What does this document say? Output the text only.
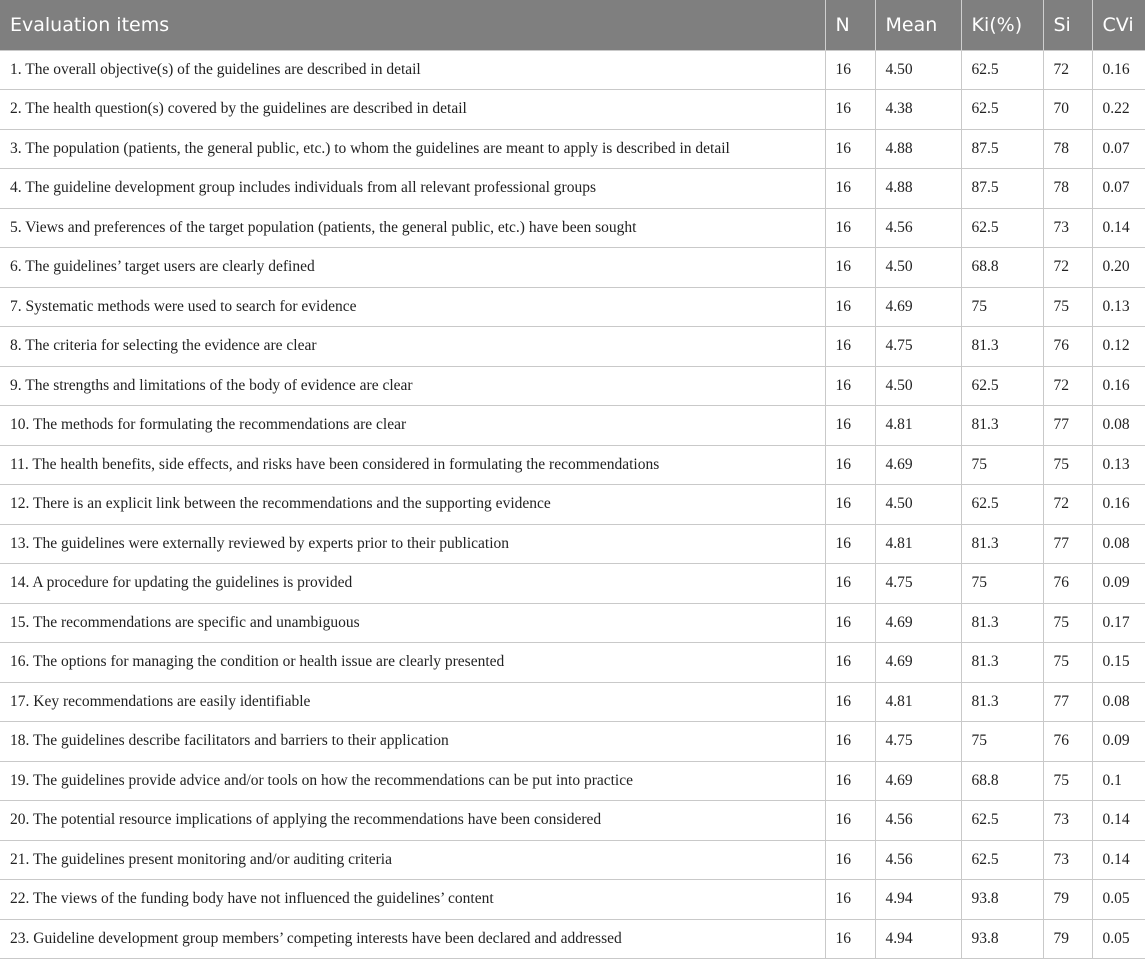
Evaluation items	N	Mean	Ki(%)	Si	CVi
1. The overall objective(s) of the guidelines are described in detail	16	4.50	62.5	72	0.16
2. The health question(s) covered by the guidelines are described in detail	16	4.38	62.5	70	0.22
3. The population (patients, the general public, etc.) to whom the guidelines are meant to apply is described in detail	16	4.88	87.5	78	0.07
4. The guideline development group includes individuals from all relevant professional groups	16	4.88	87.5	78	0.07
5. Views and preferences of the target population (patients, the general public, etc.) have been sought	16	4.56	62.5	73	0.14
6. The guidelines’ target users are clearly defined	16	4.50	68.8	72	0.20
7. Systematic methods were used to search for evidence	16	4.69	75	75	0.13
8. The criteria for selecting the evidence are clear	16	4.75	81.3	76	0.12
9. The strengths and limitations of the body of evidence are clear	16	4.50	62.5	72	0.16
10. The methods for formulating the recommendations are clear	16	4.81	81.3	77	0.08
11. The health benefits, side effects, and risks have been considered in formulating the recommendations	16	4.69	75	75	0.13
12. There is an explicit link between the recommendations and the supporting evidence	16	4.50	62.5	72	0.16
13. The guidelines were externally reviewed by experts prior to their publication	16	4.81	81.3	77	0.08
14. A procedure for updating the guidelines is provided	16	4.75	75	76	0.09
15. The recommendations are specific and unambiguous	16	4.69	81.3	75	0.17
16. The options for managing the condition or health issue are clearly presented	16	4.69	81.3	75	0.15
17. Key recommendations are easily identifiable	16	4.81	81.3	77	0.08
18. The guidelines describe facilitators and barriers to their application	16	4.75	75	76	0.09
19. The guidelines provide advice and/or tools on how the recommendations can be put into practice	16	4.69	68.8	75	0.1
20. The potential resource implications of applying the recommendations have been considered	16	4.56	62.5	73	0.14
21. The guidelines present monitoring and/or auditing criteria	16	4.56	62.5	73	0.14
22. The views of the funding body have not influenced the guidelines’ content	16	4.94	93.8	79	0.05
23. Guideline development group members’ competing interests have been declared and addressed	16	4.94	93.8	79	0.05
